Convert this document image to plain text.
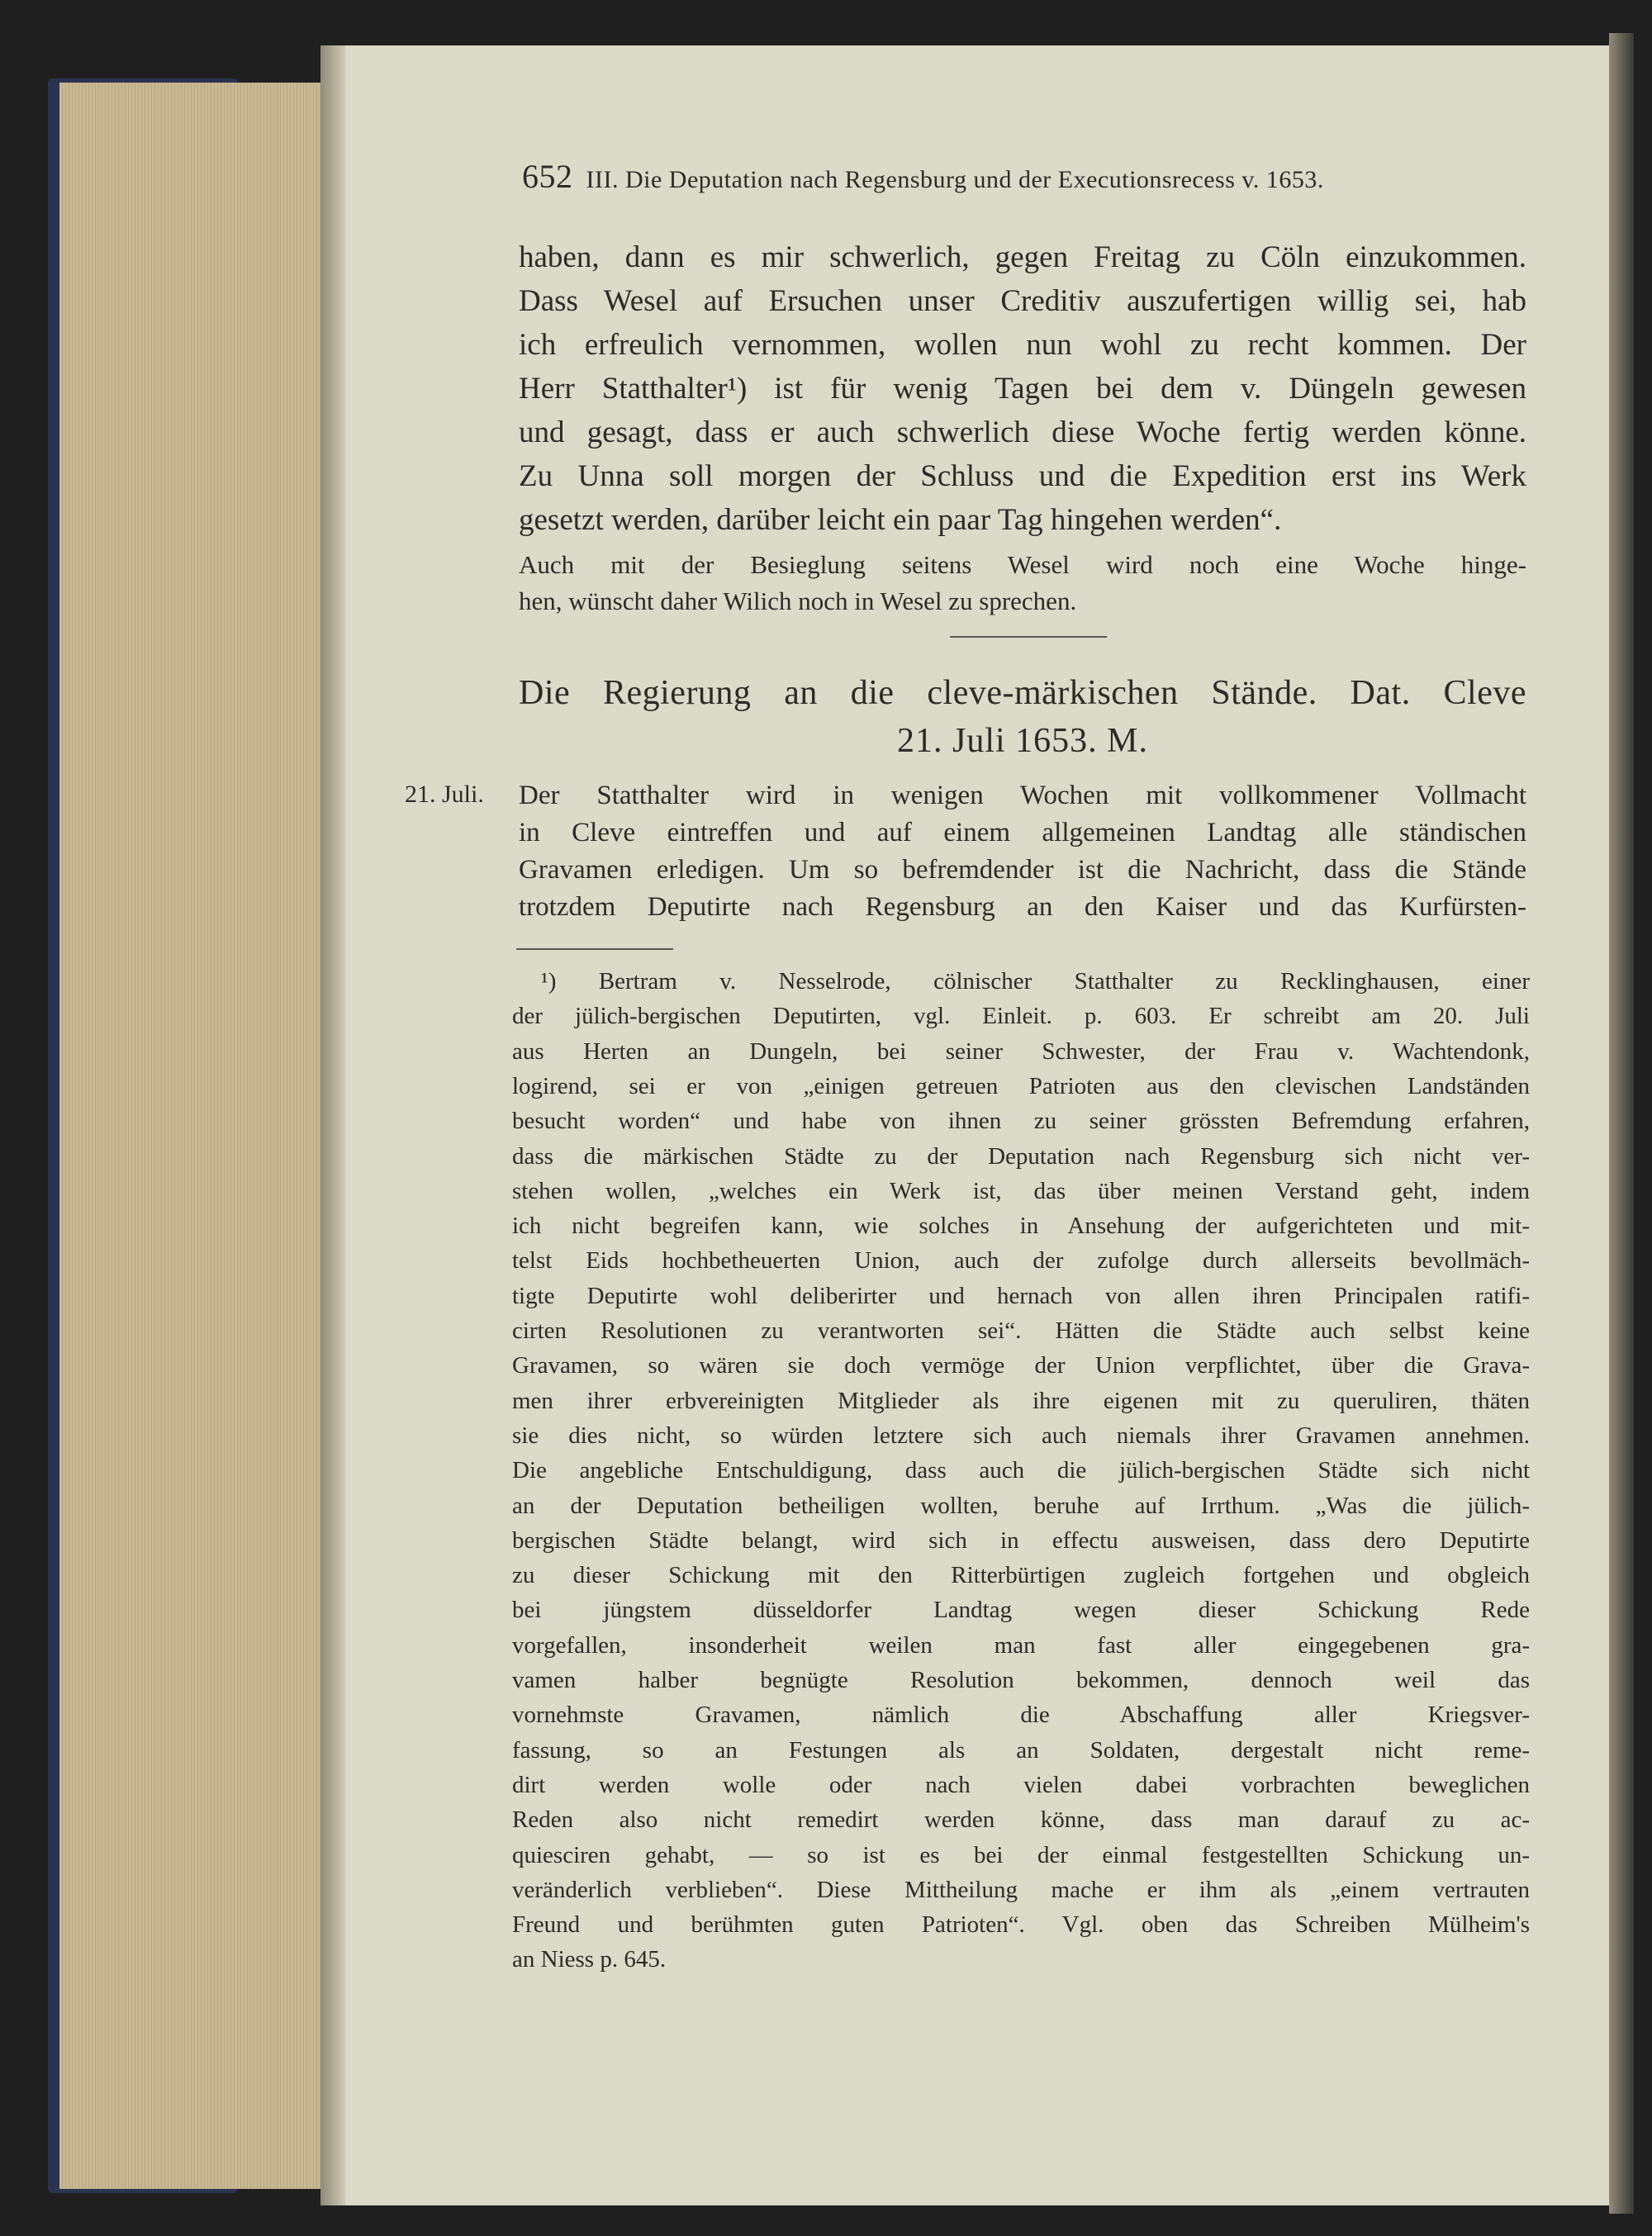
652 III. Die Deputation nach Regensburg und der Executionsrecess v. 1653.
haben, dann es mir schwerlich, gegen Freitag zu Cöln einzukommen.
Dass Wesel auf Ersuchen unser Creditiv auszufertigen willig sei, hab
ich erfreulich vernommen, wollen nun wohl zu recht kommen. Der
Herr Statthalter¹) ist für wenig Tagen bei dem v. Düngeln gewesen
und gesagt, dass er auch schwerlich diese Woche fertig werden könne.
Zu Unna soll morgen der Schluss und die Expedition erst ins Werk
gesetzt werden, darüber leicht ein paar Tag hingehen werden“.
Auch mit der Besieglung seitens Wesel wird noch eine Woche hinge-
hen, wünscht daher Wilich noch in Wesel zu sprechen.
Die Regierung an die cleve-märkischen Stände. Dat. Cleve
21. Juli 1653. M.
21. Juli. Der Statthalter wird in wenigen Wochen mit vollkommener Vollmacht
in Cleve eintreffen und auf einem allgemeinen Landtag alle ständischen
Gravamen erledigen. Um so befremdender ist die Nachricht, dass die Stände
trotzdem Deputirte nach Regensburg an den Kaiser und das Kurfürsten-
¹) Bertram v. Nesselrode, cölnischer Statthalter zu Recklinghausen, einer
der jülich-bergischen Deputirten, vgl. Einleit. p. 603. Er schreibt am 20. Juli
aus Herten an Dungeln, bei seiner Schwester, der Frau v. Wachtendonk,
logirend, sei er von „einigen getreuen Patrioten aus den clevischen Landständen
besucht worden“ und habe von ihnen zu seiner grössten Befremdung erfahren,
dass die märkischen Städte zu der Deputation nach Regensburg sich nicht ver-
stehen wollen, „welches ein Werk ist, das über meinen Verstand geht, indem
ich nicht begreifen kann, wie solches in Ansehung der aufgerichteten und mit-
telst Eids hochbetheuerten Union, auch der zufolge durch allerseits bevollmäch-
tigte Deputirte wohl deliberirter und hernach von allen ihren Principalen ratifi-
cirten Resolutionen zu verantworten sei“. Hätten die Städte auch selbst keine
Gravamen, so wären sie doch vermöge der Union verpflichtet, über die Grava-
men ihrer erbvereinigten Mitglieder als ihre eigenen mit zu queruliren, thäten
sie dies nicht, so würden letztere sich auch niemals ihrer Gravamen annehmen.
Die angebliche Entschuldigung, dass auch die jülich-bergischen Städte sich nicht
an der Deputation betheiligen wollten, beruhe auf Irrthum. „Was die jülich-
bergischen Städte belangt, wird sich in effectu ausweisen, dass dero Deputirte
zu dieser Schickung mit den Ritterbürtigen zugleich fortgehen und obgleich
bei jüngstem düsseldorfer Landtag wegen dieser Schickung Rede
vorgefallen, insonderheit weilen man fast aller eingegebenen gra-
vamen halber begnügte Resolution bekommen, dennoch weil das
vornehmste Gravamen, nämlich die Abschaffung aller Kriegsver-
fassung, so an Festungen als an Soldaten, dergestalt nicht reme-
dirt werden wolle oder nach vielen dabei vorbrachten beweglichen
Reden also nicht remedirt werden könne, dass man darauf zu ac-
quiesciren gehabt, — so ist es bei der einmal festgestellten Schickung un-
veränderlich verblieben“. Diese Mittheilung mache er ihm als „einem vertrauten
Freund und berühmten guten Patrioten“. Vgl. oben das Schreiben Mülheim's
an Niess p. 645.
